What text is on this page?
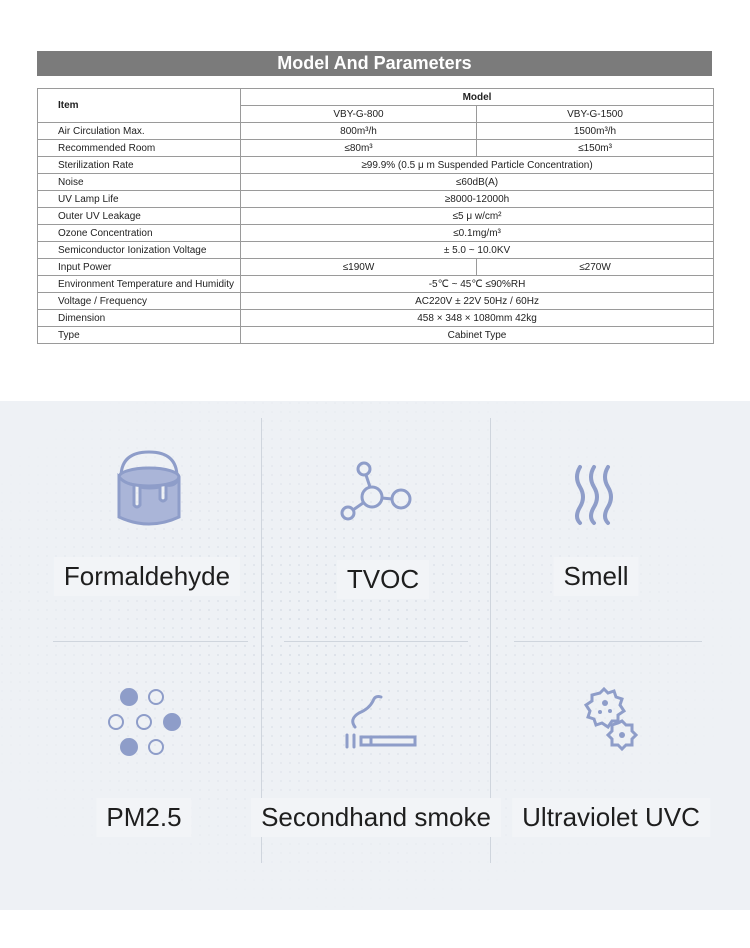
Model And Parameters
Item	Model	
	VBY-G-800	VBY-G-1500
Air Circulation Max.	800m³/h	1500m³/h
Recommended Room	≤80m³	≤150m³
Sterilization Rate	≥99.9% (0.5 μ m Suspended Particle Concentration)	
Noise	≤60dB(A)	
UV Lamp Life	≥8000-12000h	
Outer UV Leakage	≤5 μ w/cm²	
Ozone Concentration	≤0.1mg/m³	
Semiconductor Ionization Voltage	± 5.0 ~ 10.0KV	
Input Power	≤190W	≤270W
Environment Temperature and Humidity	-5℃ ~ 45℃ ≤90%RH	
Voltage / Frequency	AC220V ± 22V 50Hz / 60Hz	
Dimension	458 × 348 × 1080mm 42kg	
Type	Cabinet Type	
Formaldehyde	TVOC	Smell
PM2.5	Secondhand smoke	Ultraviolet UVC
